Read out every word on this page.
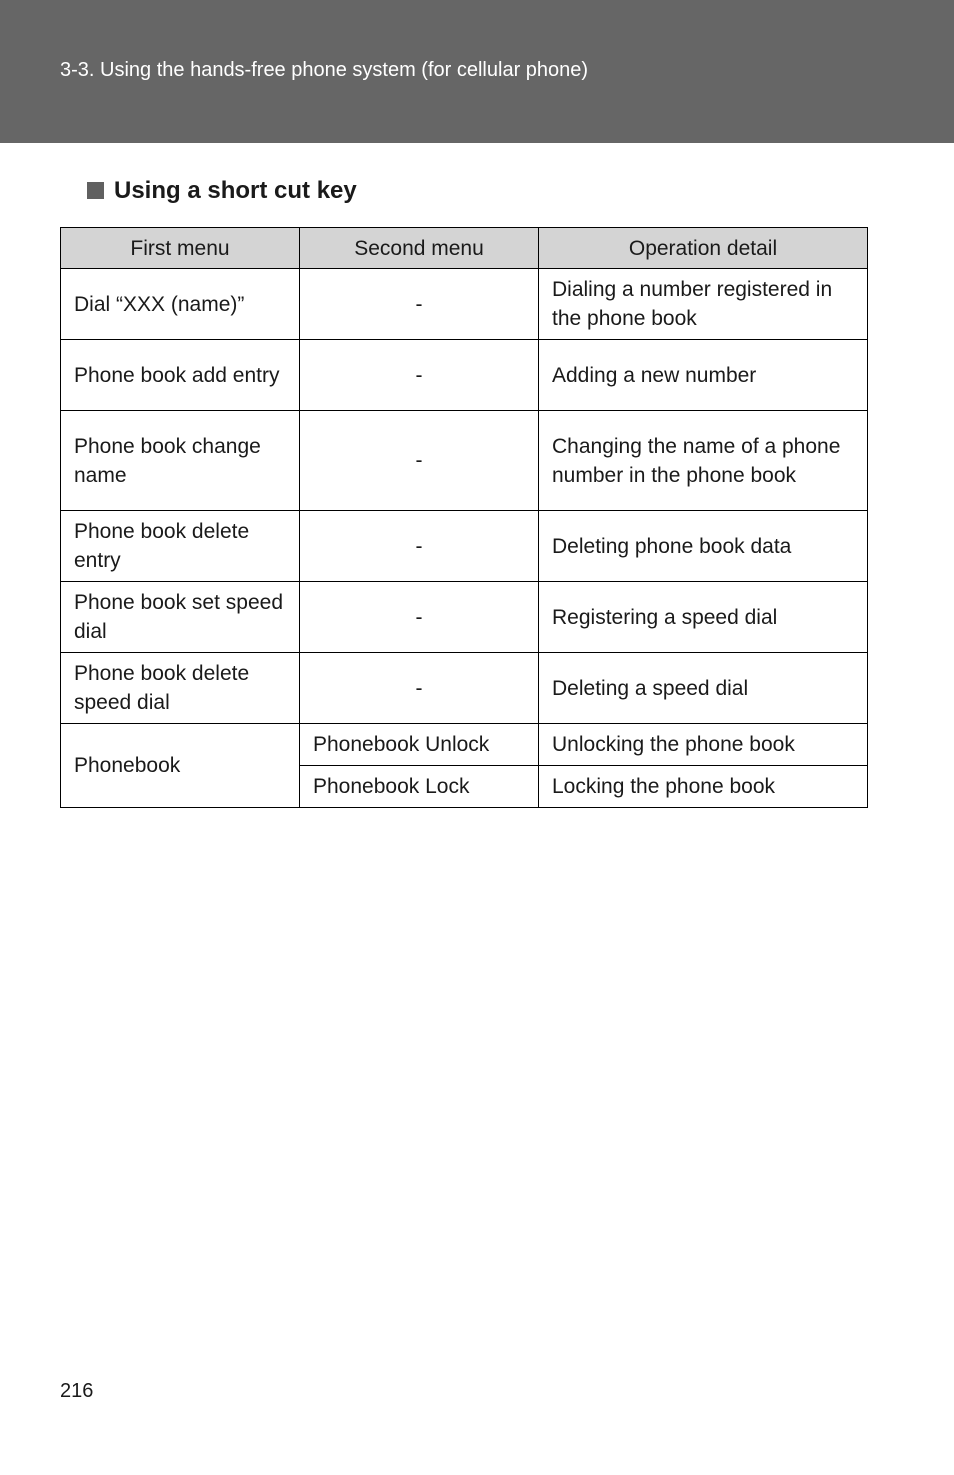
3-3. Using the hands-free phone system (for cellular phone)
Using a short cut key
First menu	Second menu	Operation detail
Dial “XXX (name)”	-	Dialing a number registered in the phone book
Phone book add entry	-	Adding a new number
Phone book change name	-	Changing the name of a phone number in the phone book
Phone book delete entry	-	Deleting phone book data
Phone book set speed dial	-	Registering a speed dial
Phone book delete speed dial	-	Deleting a speed dial
Phonebook	Phonebook Unlock	Unlocking the phone book
	Phonebook Lock	Locking the phone book
216
